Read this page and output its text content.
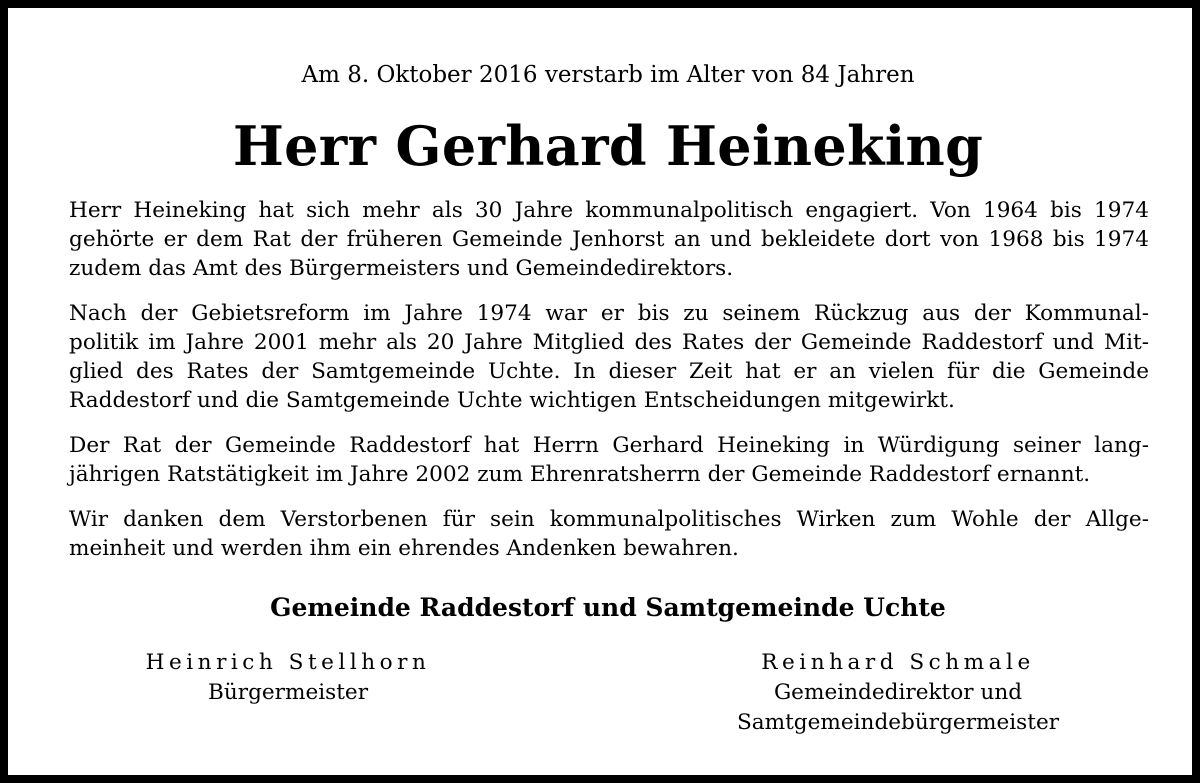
Am 8. Oktober 2016 verstarb im Alter von 84 Jahren
Herr Gerhard Heineking
Herr Heineking hat sich mehr als 30 Jahre kommunalpolitisch engagiert. Von 1964 bis 1974
gehörte er dem Rat der früheren Gemeinde Jenhorst an und bekleidete dort von 1968 bis 1974
zudem das Amt des Bürgermeisters und Gemeindedirektors.
Nach der Gebietsreform im Jahre 1974 war er bis zu seinem Rückzug aus der Kommunal-
politik im Jahre 2001 mehr als 20 Jahre Mitglied des Rates der Gemeinde Raddestorf und Mit-
glied des Rates der Samtgemeinde Uchte. In dieser Zeit hat er an vielen für die Gemeinde
Raddestorf und die Samtgemeinde Uchte wichtigen Entscheidungen mitgewirkt.
Der Rat der Gemeinde Raddestorf hat Herrn Gerhard Heineking in Würdigung seiner lang-
jährigen Ratstätigkeit im Jahre 2002 zum Ehrenratsherrn der Gemeinde Raddestorf ernannt.
Wir danken dem Verstorbenen für sein kommunalpolitisches Wirken zum Wohle der Allge-
meinheit und werden ihm ein ehrendes Andenken bewahren.
Gemeinde Raddestorf und Samtgemeinde Uchte
Heinrich Stellhorn
Bürgermeister
Reinhard Schmale
Gemeindedirektor und
Samtgemeindebürgermeister
